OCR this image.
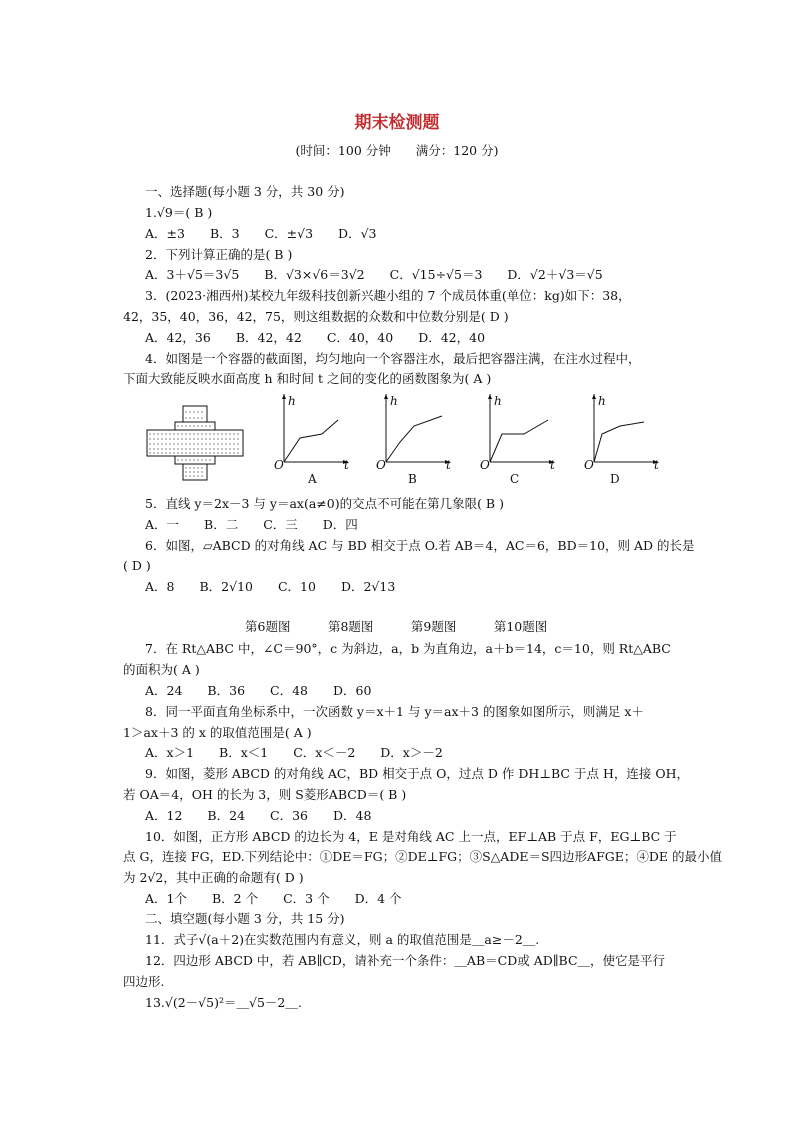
期末检测题
(时间：100 分钟　　满分：120 分)
一、选择题(每小题 3 分，共 30 分)
1.√9＝( B )
A．±3　　B．3　　C．±√3　　D．√3
2．下列计算正确的是( B )
A．3＋√5＝3√5　　B．√3×√6＝3√2　　C．√15÷√5＝3　　D．√2＋√3＝√5
3．(2023·湘西州)某校九年级科技创新兴趣小组的 7 个成员体重(单位：kg)如下：38，
42，35，40，36，42，75，则这组数据的众数和中位数分别是( D )
A．42，36　　B．42，42　　C．40，40　　D．42，40
4．如图是一个容器的截面图，均匀地向一个容器注水，最后把容器注满，在注水过程中，
下面大致能反映水面高度 h 和时间 t 之间的变化的函数图象为( A )
h
O	t
A
h
O	t
B
h
O	t
C
h
O	t
D
5．直线 y＝2x－3 与 y＝ax(a≠0)的交点不可能在第几象限( B )
A．一　　B．二　　C．三　　D．四
6．如图，▱ABCD 的对角线 AC 与 BD 相交于点 O.若 AB＝4，AC＝6，BD＝10，则 AD 的长是
( D )
A．8　　B．2√10　　C．10　　D．2√13
第6题图　　　第8题图　　　第9题图　　　第10题图
7．在 Rt△ABC 中，∠C＝90°，c 为斜边，a，b 为直角边，a＋b＝14，c＝10，则 Rt△ABC
的面积为( A )
A．24　　B．36　　C．48　　D．60
8．同一平面直角坐标系中，一次函数 y＝x＋1 与 y＝ax＋3 的图象如图所示，则满足 x＋
1＞ax＋3 的 x 的取值范围是( A )
A．x＞1　　B．x＜1　　C．x＜－2　　D．x＞－2
9．如图，菱形 ABCD 的对角线 AC，BD 相交于点 O，过点 D 作 DH⊥BC 于点 H，连接 OH，
若 OA＝4，OH 的长为 3，则 S菱形ABCD＝( B )
A．12　　B．24　　C．36　　D．48
10．如图，正方形 ABCD 的边长为 4，E 是对角线 AC 上一点，EF⊥AB 于点 F，EG⊥BC 于
点 G，连接 FG，ED.下列结论中：①DE＝FG；②DE⊥FG；③S△ADE＝S四边形AFGE；④DE 的最小值
为 2√2，其中正确的命题有( D )
A．1个　　B．2 个　　C．3 个　　D．4 个
二、填空题(每小题 3 分，共 15 分)
11．式子√(a＋2)在实数范围内有意义，则 a 的取值范围是＿a≥－2＿.
12．四边形 ABCD 中，若 AB∥CD，请补充一个条件：＿AB＝CD或 AD∥BC＿，使它是平行
四边形.
13.√(2－√5)²＝＿√5－2＿.
